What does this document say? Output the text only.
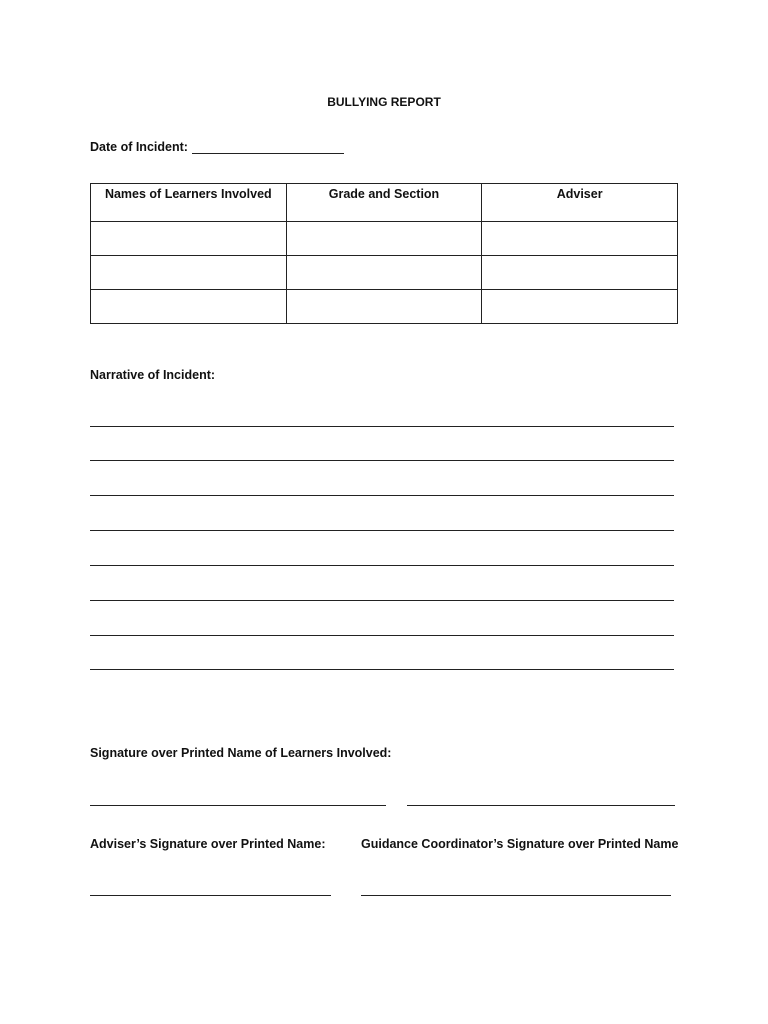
BULLYING REPORT
Date of Incident:
Names of Learners Involved	Grade and Section	Adviser

Narrative of Incident:
Signature over Printed Name of Learners Involved:
Adviser’s Signature over Printed Name:	Guidance Coordinator’s Signature over Printed Name
